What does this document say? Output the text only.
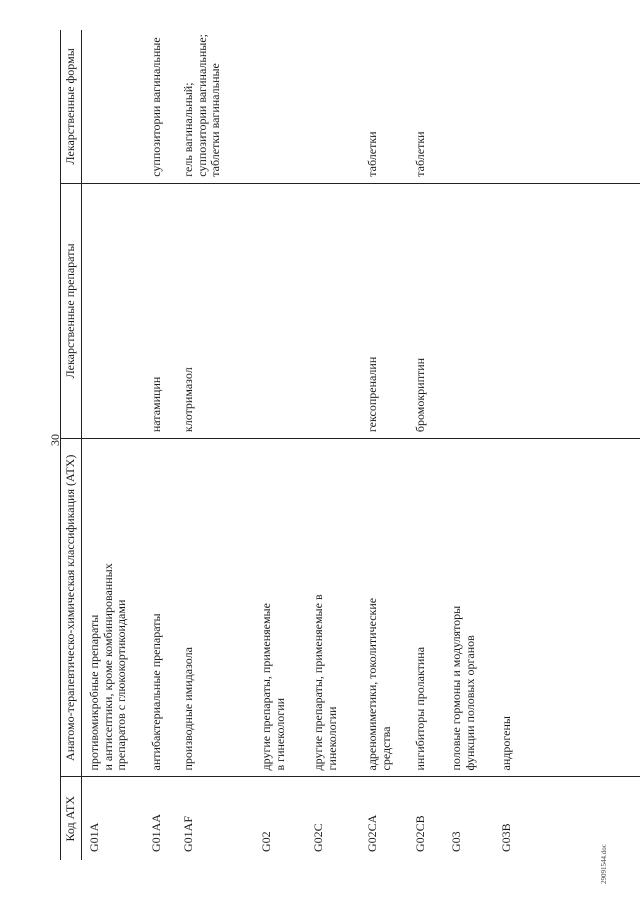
30
29091544.doc
Код ATX	Анатомо-терапевтическо-химическая классификация (ATX)	Лекарственные препараты	Лекарственные формы
G01A	противомикробные препараты
и антисептики, кроме комбинированных
препаратов с глюкокортикоидами		
G01AA	антибактериальные препараты	натамицин	суппозитории вагинальные
G01AF	производные имидазола	клотримазол	гель вагинальный;
суппозитории вагинальные;
таблетки вагинальные
G02	другие препараты, применяемые
в гинекологии		
G02C	другие препараты, применяемые в
гинекологии		
G02CA	адреномиметики, токолитические
средства	гексопреналин	таблетки
G02CB	ингибиторы пролактина	бромокриптин	таблетки
G03	половые гормоны и модуляторы
функции половых органов		
G03B	андрогены		
